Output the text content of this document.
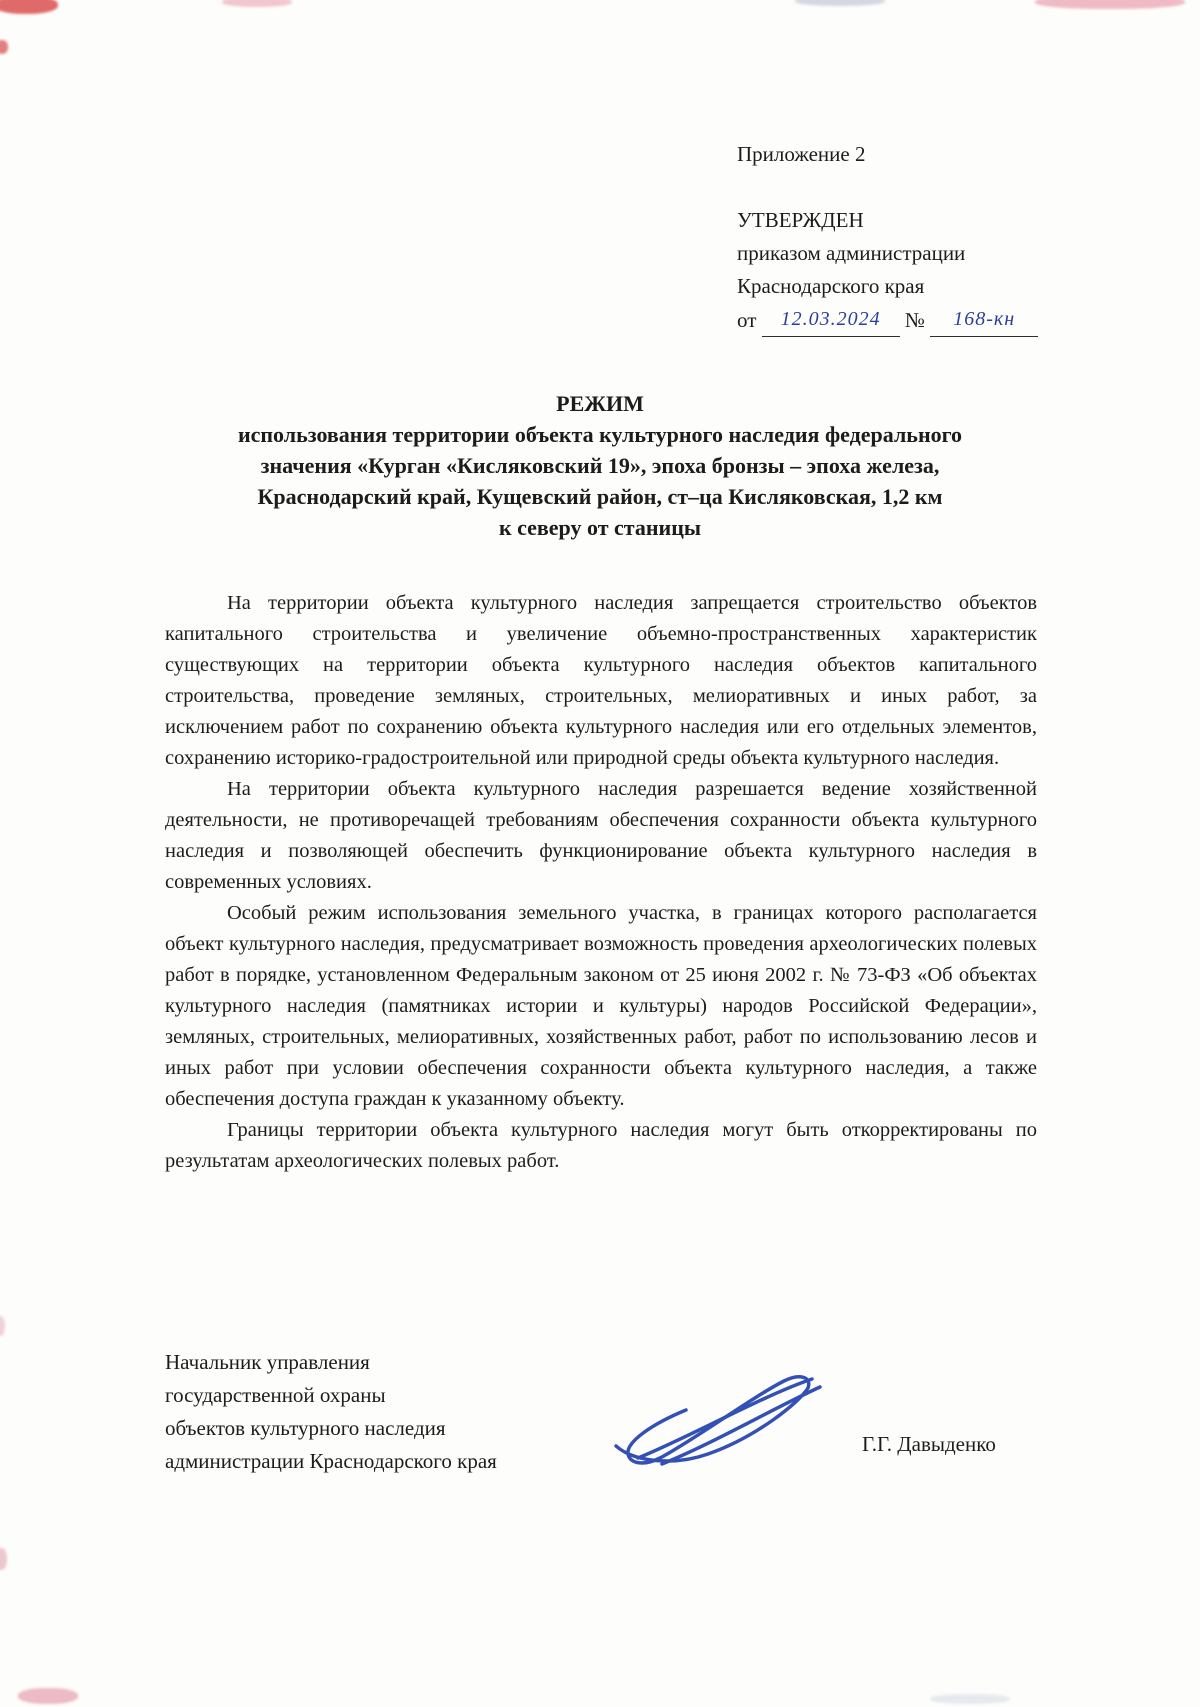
Приложение 2
УТВЕРЖДЕН
приказом администрации
Краснодарского края
от 12.03.2024 № 168-кн
РЕЖИМ
использования территории объекта культурного наследия федерального
значения «Курган «Кисляковский 19», эпоха бронзы – эпоха железа,
Краснодарский край, Кущевский район, ст–ца Кисляковская, 1,2 км
к северу от станицы

На территории объекта культурного наследия запрещается строительство объектов капитального строительства и увеличение объемно-пространственных характеристик существующих на территории объекта культурного наследия объектов капитального строительства, проведение земляных, строительных, мелиоративных и иных работ, за исключением работ по сохранению объекта культурного наследия или его отдельных элементов, сохранению историко-градостроительной или природной среды объекта культурного наследия.

На территории объекта культурного наследия разрешается ведение хозяйственной деятельности, не противоречащей требованиям обеспечения сохранности объекта культурного наследия и позволяющей обеспечить функционирование объекта культурного наследия в современных условиях.

Особый режим использования земельного участка, в границах которого располагается объект культурного наследия, предусматривает возможность проведения археологических полевых работ в порядке, установленном Федеральным законом от 25 июня 2002 г. № 73-ФЗ «Об объектах культурного наследия (памятниках истории и культуры) народов Российской Федерации», земляных, строительных, мелиоративных, хозяйственных работ, работ по использованию лесов и иных работ при условии обеспечения сохранности объекта культурного наследия, а также обеспечения доступа граждан к указанному объекту.

Границы территории объекта культурного наследия могут быть откорректированы по результатам археологических полевых работ.

Начальник управления
государственной охраны
объектов культурного наследия
администрации Краснодарского края
Г.Г. Давыденко
